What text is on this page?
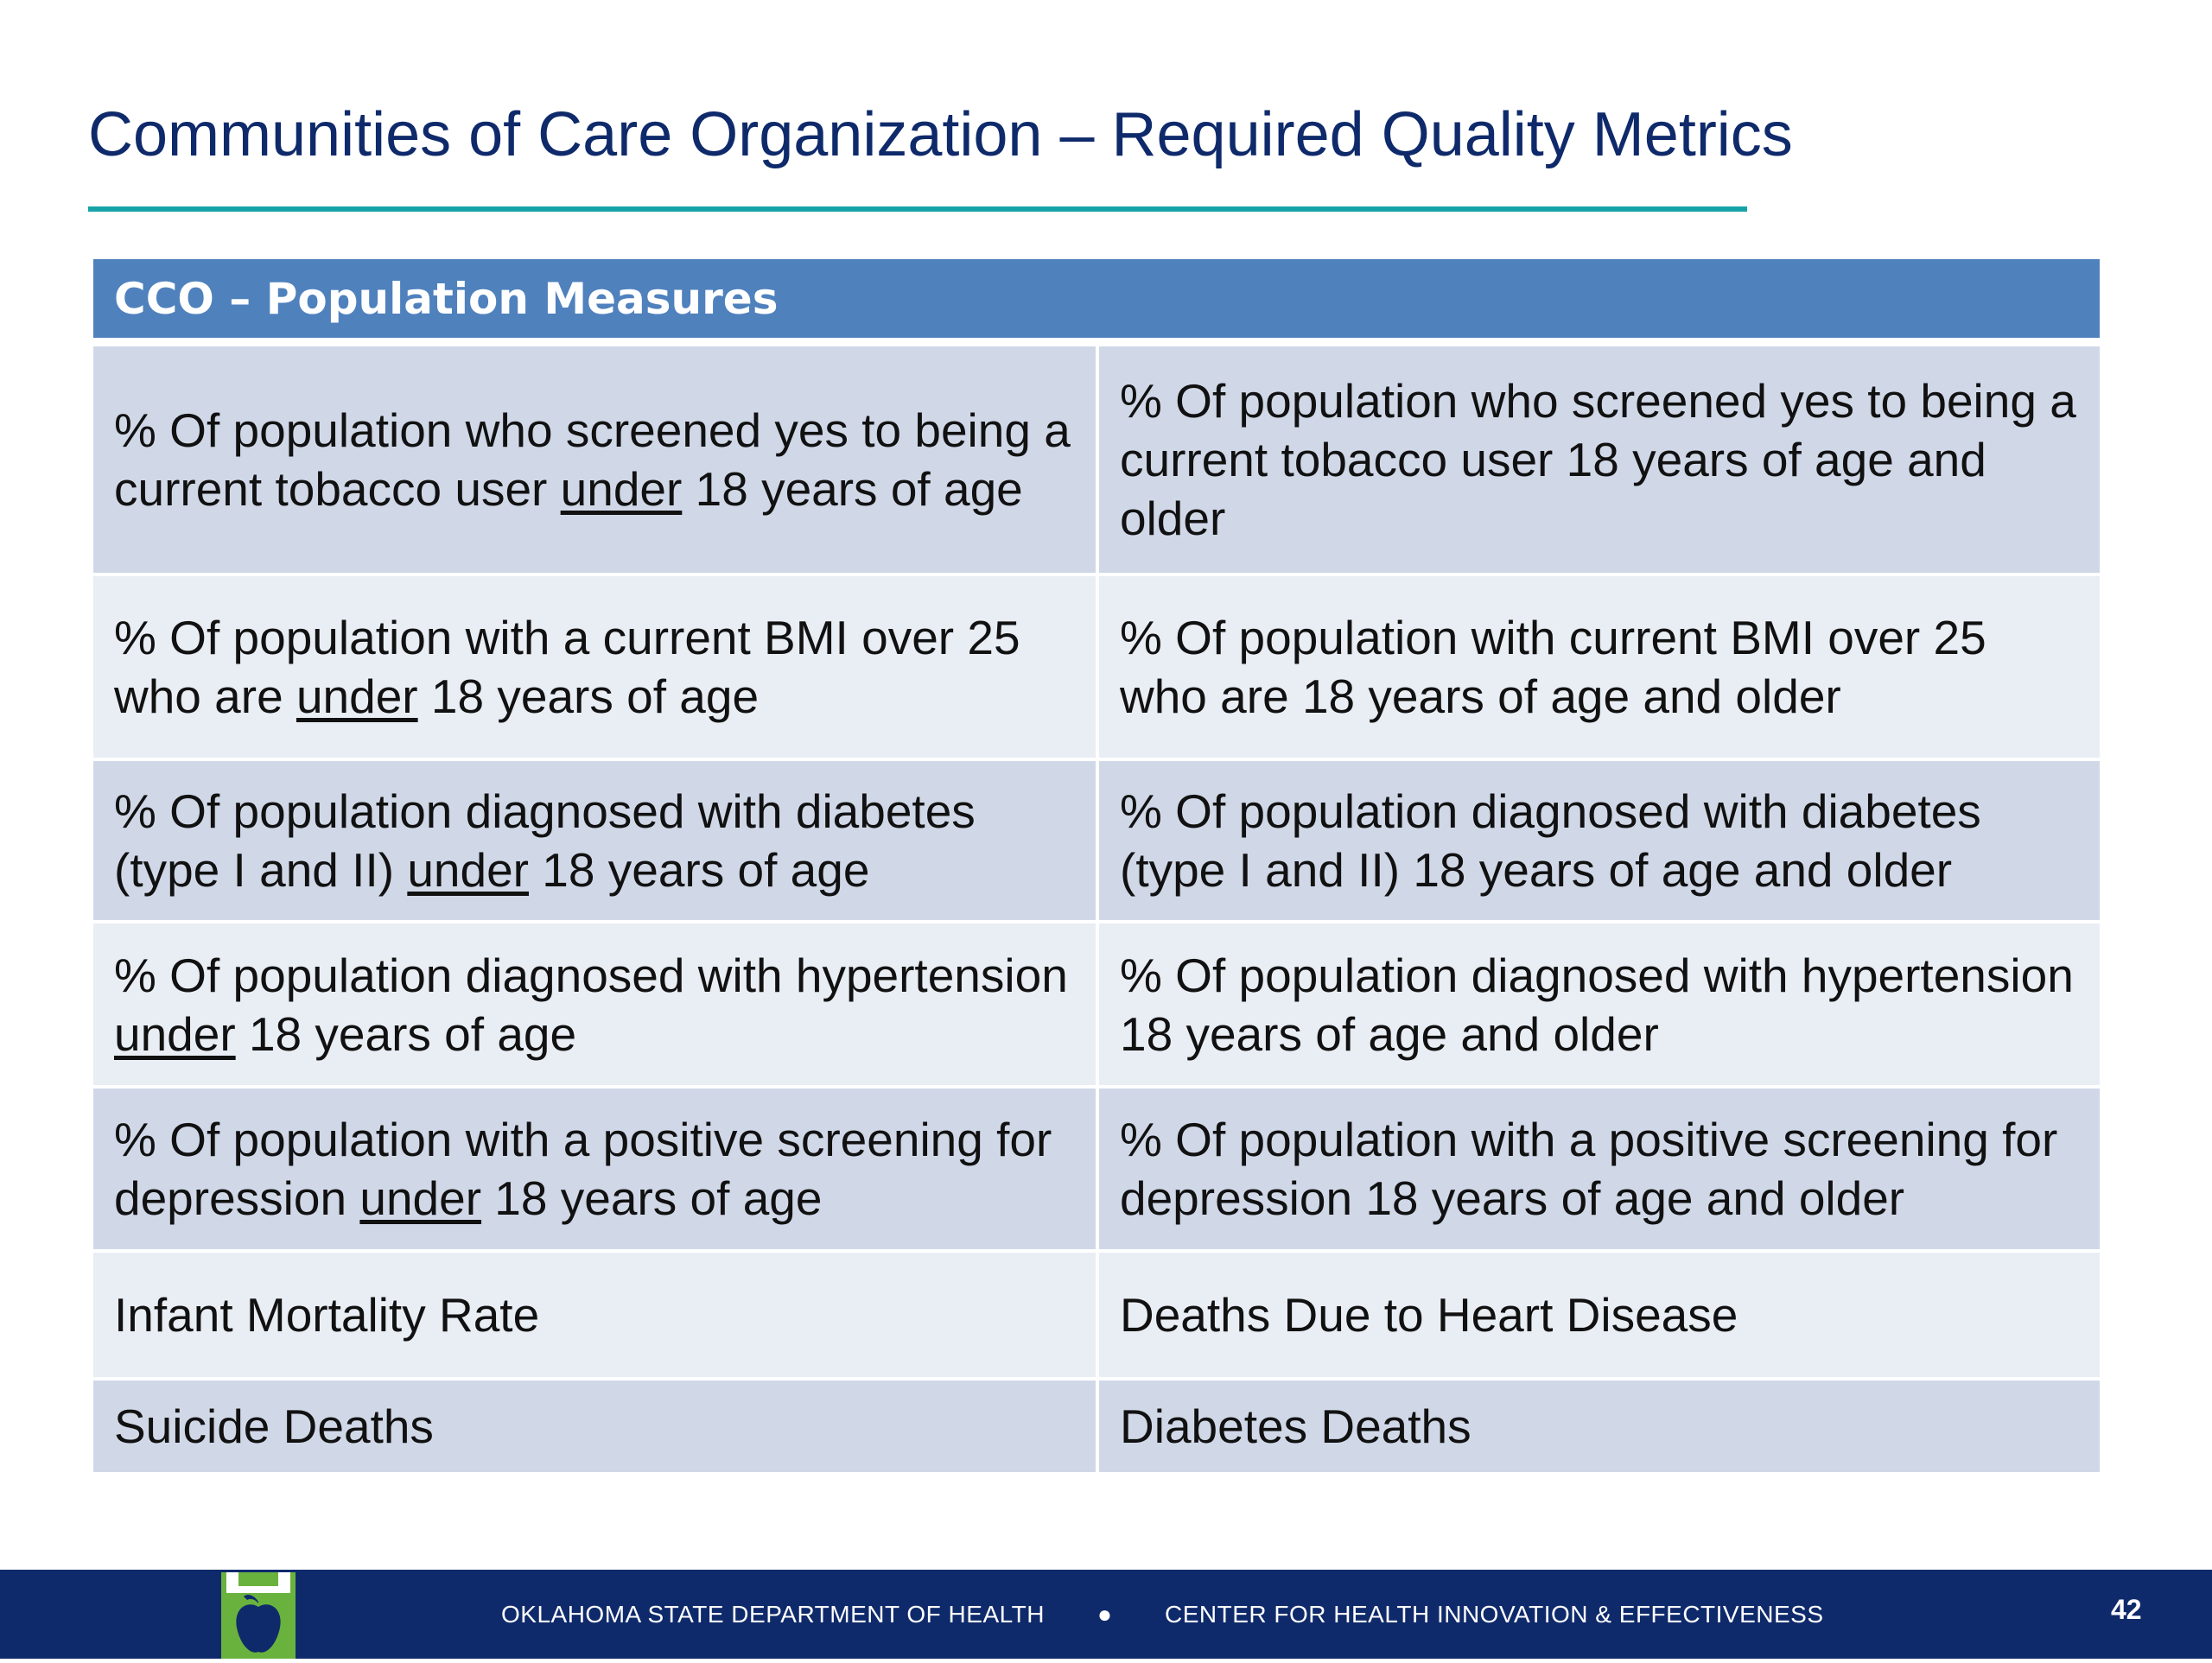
Communities of Care Organization – Required Quality Metrics
CCO – Population Measures	
% Of population who screened yes to being a current tobacco user under 18 years of age	% Of population who screened yes to being a current tobacco user 18 years of age and older
% Of population with a current BMI over 25 who are under 18 years of age	% Of population with current BMI over 25 who are 18 years of age and older
% Of population diagnosed with diabetes (type I and II) under 18 years of age	% Of population diagnosed with diabetes (type I and II) 18 years of age and older
% Of population diagnosed with hypertension under 18 years of age	% Of population diagnosed with hypertension 18 years of age and older
% Of population with a positive screening for depression under 18 years of age	% Of population with a positive screening for depression 18 years of age and older
Infant Mortality Rate	Deaths Due to Heart Disease
Suicide Deaths	Diabetes Deaths
OKLAHOMA STATE DEPARTMENT OF HEALTH ● CENTER FOR HEALTH INNOVATION & EFFECTIVENESS	42
